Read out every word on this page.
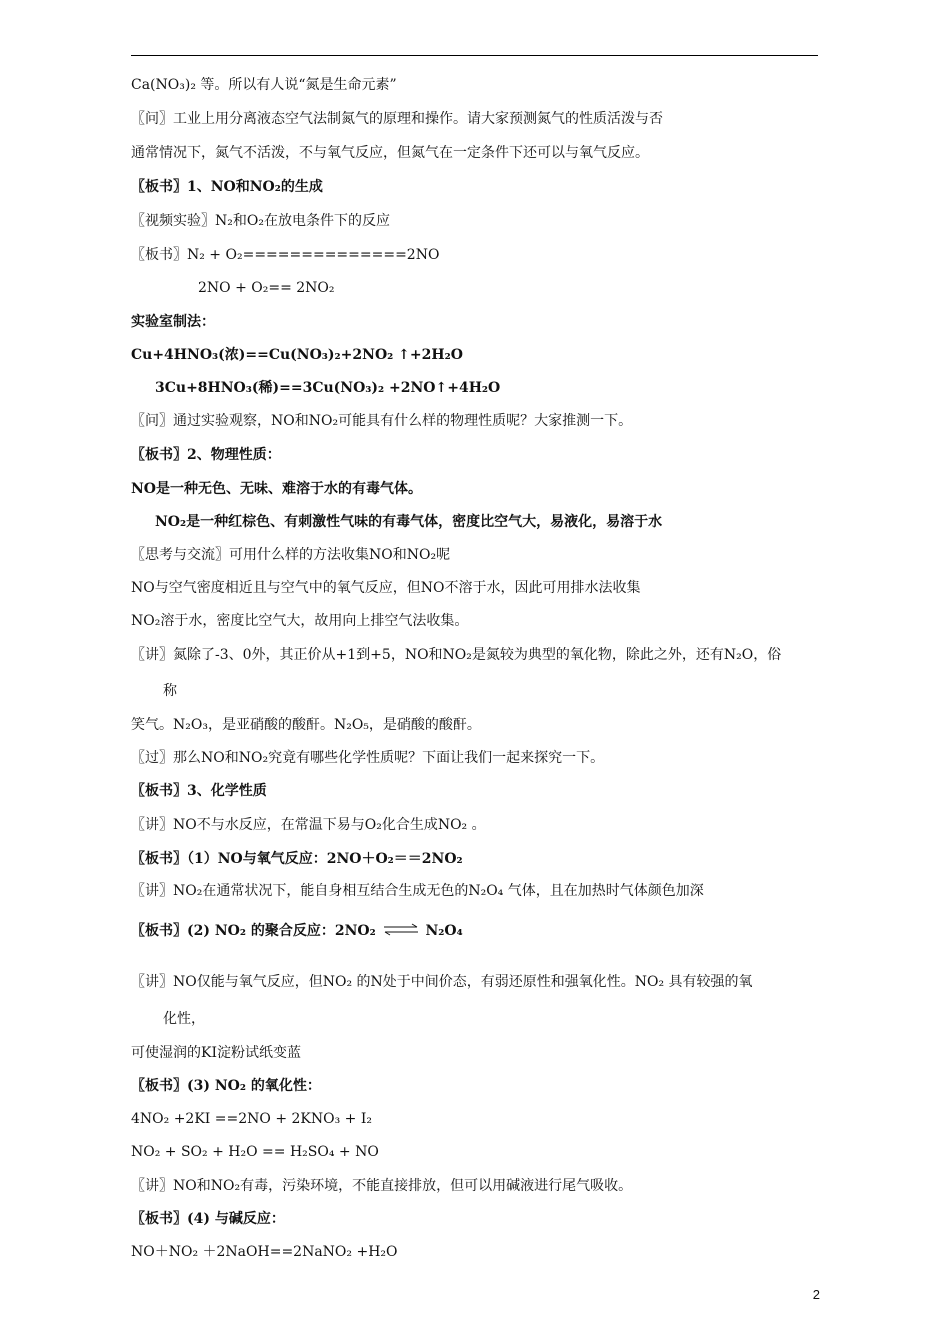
Ca(NO₃)₂ 等。所以有人说“氮是生命元素”
〖问〗工业上用分离液态空气法制氮气的原理和操作。请大家预测氮气的性质活泼与否
通常情况下，氮气不活泼，不与氧气反应，但氮气在一定条件下还可以与氧气反应。
〖板书〗1、NO和NO₂的生成
〖视频实验〗N₂和O₂在放电条件下的反应
〖板书〗N₂ + O₂==============2NO
2NO + O₂== 2NO₂
实验室制法：
Cu+4HNO₃(浓)==Cu(NO₃)₂+2NO₂ ↑+2H₂O
3Cu+8HNO₃(稀)==3Cu(NO₃)₂ +2NO↑+4H₂O
〖问〗通过实验观察，NO和NO₂可能具有什么样的物理性质呢？大家推测一下。
〖板书〗2、物理性质：
NO是一种无色、无味、难溶于水的有毒气体。
NO₂是一种红棕色、有刺激性气味的有毒气体，密度比空气大，易液化，易溶于水
〖思考与交流〗可用什么样的方法收集NO和NO₂呢
NO与空气密度相近且与空气中的氧气反应，但NO不溶于水，因此可用排水法收集
NO₂溶于水，密度比空气大，故用向上排空气法收集。
〖讲〗氮除了-3、0外，其正价从+1到+5，NO和NO₂是氮较为典型的氧化物，除此之外，还有N₂O，俗
称
笑气。N₂O₃，是亚硝酸的酸酐。N₂O₅，是硝酸的酸酐。
〖过〗那么NO和NO₂究竟有哪些化学性质呢？下面让我们一起来探究一下。
〖板书〗3、化学性质
〖讲〗NO不与水反应，在常温下易与O₂化合生成NO₂ 。
〖板书〗（1）NO与氧气反应：2NO＋O₂＝＝2NO₂
〖讲〗NO₂在通常状况下，能自身相互结合生成无色的N₂O₄ 气体，且在加热时气体颜色加深
〖板书〗(2) NO₂ 的聚合反应：2NO₂ ⇌ N₂O₄
〖讲〗NO仅能与氧气反应，但NO₂ 的N处于中间价态，有弱还原性和强氧化性。NO₂ 具有较强的氧
化性，
可使湿润的KI淀粉试纸变蓝
〖板书〗(3) NO₂ 的氧化性：
4NO₂ +2KI ==2NO + 2KNO₃ + I₂
NO₂ + SO₂ + H₂O == H₂SO₄ + NO
〖讲〗NO和NO₂有毒，污染环境，不能直接排放，但可以用碱液进行尾气吸收。
〖板书〗(4) 与碱反应：
NO＋NO₂ ＋2NaOH==2NaNO₂ +H₂O
2
